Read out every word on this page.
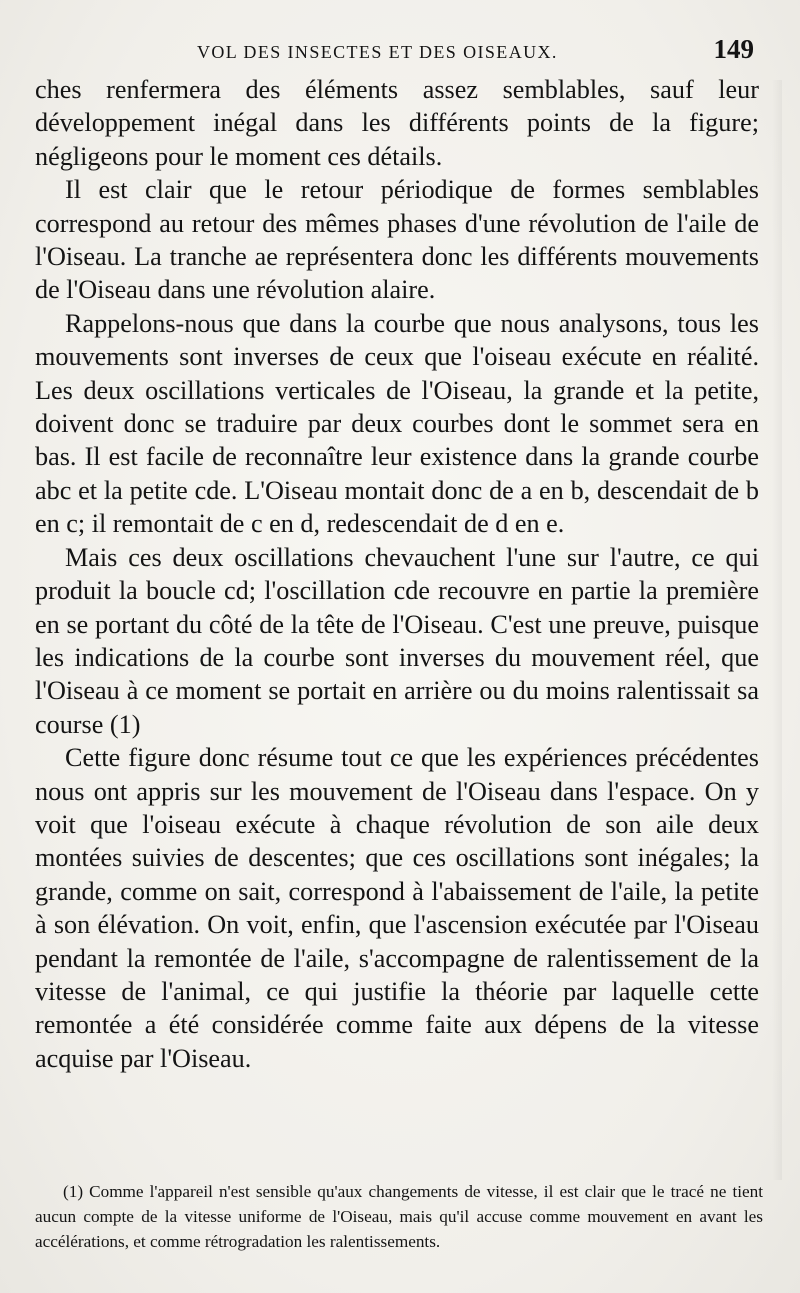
VOL DES INSECTES ET DES OISEAUX.	149

ches renfermera des éléments assez semblables, sauf leur développement inégal dans les différents points de la figure; négligeons pour le moment ces détails.

Il est clair que le retour périodique de formes semblables correspond au retour des mêmes phases d'une révolution de l'aile de l'Oiseau. La tranche ae représentera donc les différents mouvements de l'Oiseau dans une révolution alaire.

Rappelons-nous que dans la courbe que nous analysons, tous les mouvements sont inverses de ceux que l'oiseau exécute en réalité. Les deux oscillations verticales de l'Oiseau, la grande et la petite, doivent donc se traduire par deux courbes dont le sommet sera en bas. Il est facile de reconnaître leur existence dans la grande courbe abc et la petite cde. L'Oiseau montait donc de a en b, descendait de b en c; il remontait de c en d, redescendait de d en e.

Mais ces deux oscillations chevauchent l'une sur l'autre, ce qui produit la boucle cd; l'oscillation cde recouvre en partie la première en se portant du côté de la tête de l'Oiseau. C'est une preuve, puisque les indications de la courbe sont inverses du mouvement réel, que l'Oiseau à ce moment se portait en arrière ou du moins ralentissait sa course (1)

Cette figure donc résume tout ce que les expériences précédentes nous ont appris sur les mouvement de l'Oiseau dans l'espace. On y voit que l'oiseau exécute à chaque révolution de son aile deux montées suivies de descentes; que ces oscillations sont inégales; la grande, comme on sait, correspond à l'abaissement de l'aile, la petite à son élévation. On voit, enfin, que l'ascension exécutée par l'Oiseau pendant la remontée de l'aile, s'accompagne de ralentissement de la vitesse de l'animal, ce qui justifie la théorie par laquelle cette remontée a été considérée comme faite aux dépens de la vitesse acquise par l'Oiseau.

(1) Comme l'appareil n'est sensible qu'aux changements de vitesse, il est clair que le tracé ne tient aucun compte de la vitesse uniforme de l'Oiseau, mais qu'il accuse comme mouvement en avant les accélérations, et comme rétrogradation les ralentissements.
